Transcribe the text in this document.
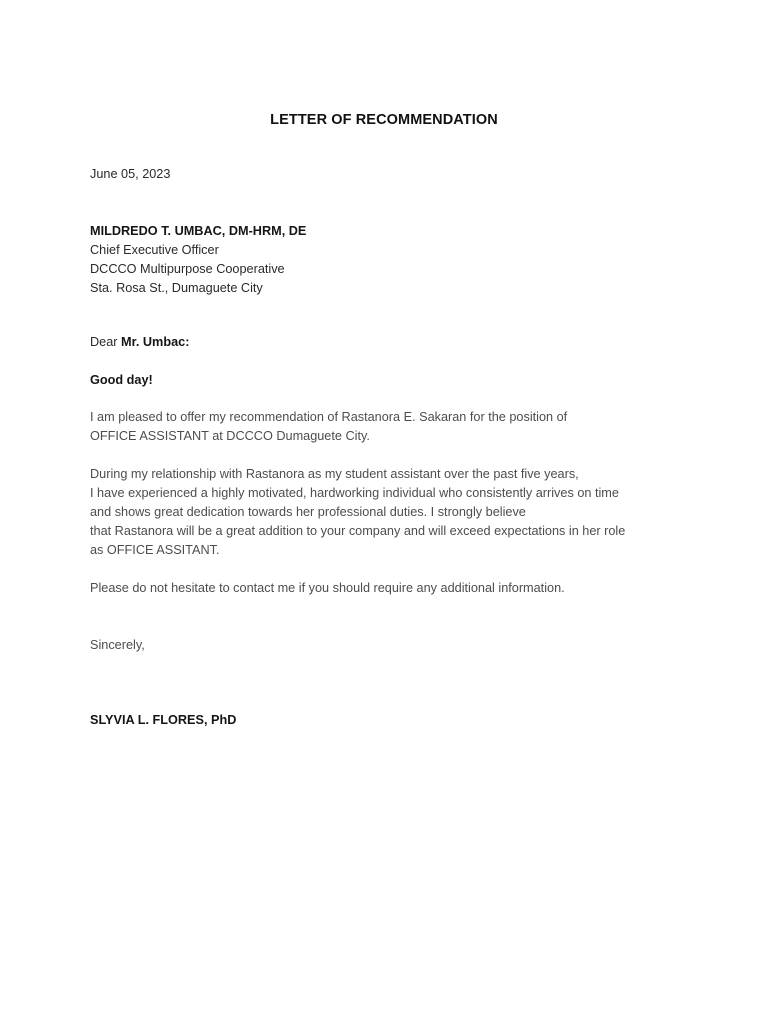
LETTER OF RECOMMENDATION

June 05, 2023

MILDREDO T. UMBAC, DM-HRM, DE

Chief Executive Officer

DCCCO Multipurpose Cooperative

Sta. Rosa St., Dumaguete City

Dear Mr. Umbac:

Good day!

I am pleased to offer my recommendation of Rastanora E. Sakaran for the position of

OFFICE ASSISTANT at DCCCO Dumaguete City.

During my relationship with Rastanora as my student assistant over the past five years,

I have experienced a highly motivated, hardworking individual who consistently arrives on time

and shows great dedication towards her professional duties. I strongly believe

that Rastanora will be a great addition to your company and will exceed expectations in her role

as OFFICE ASSITANT.

Please do not hesitate to contact me if you should require any additional information.

Sincerely,

SLYVIA L. FLORES, PhD
